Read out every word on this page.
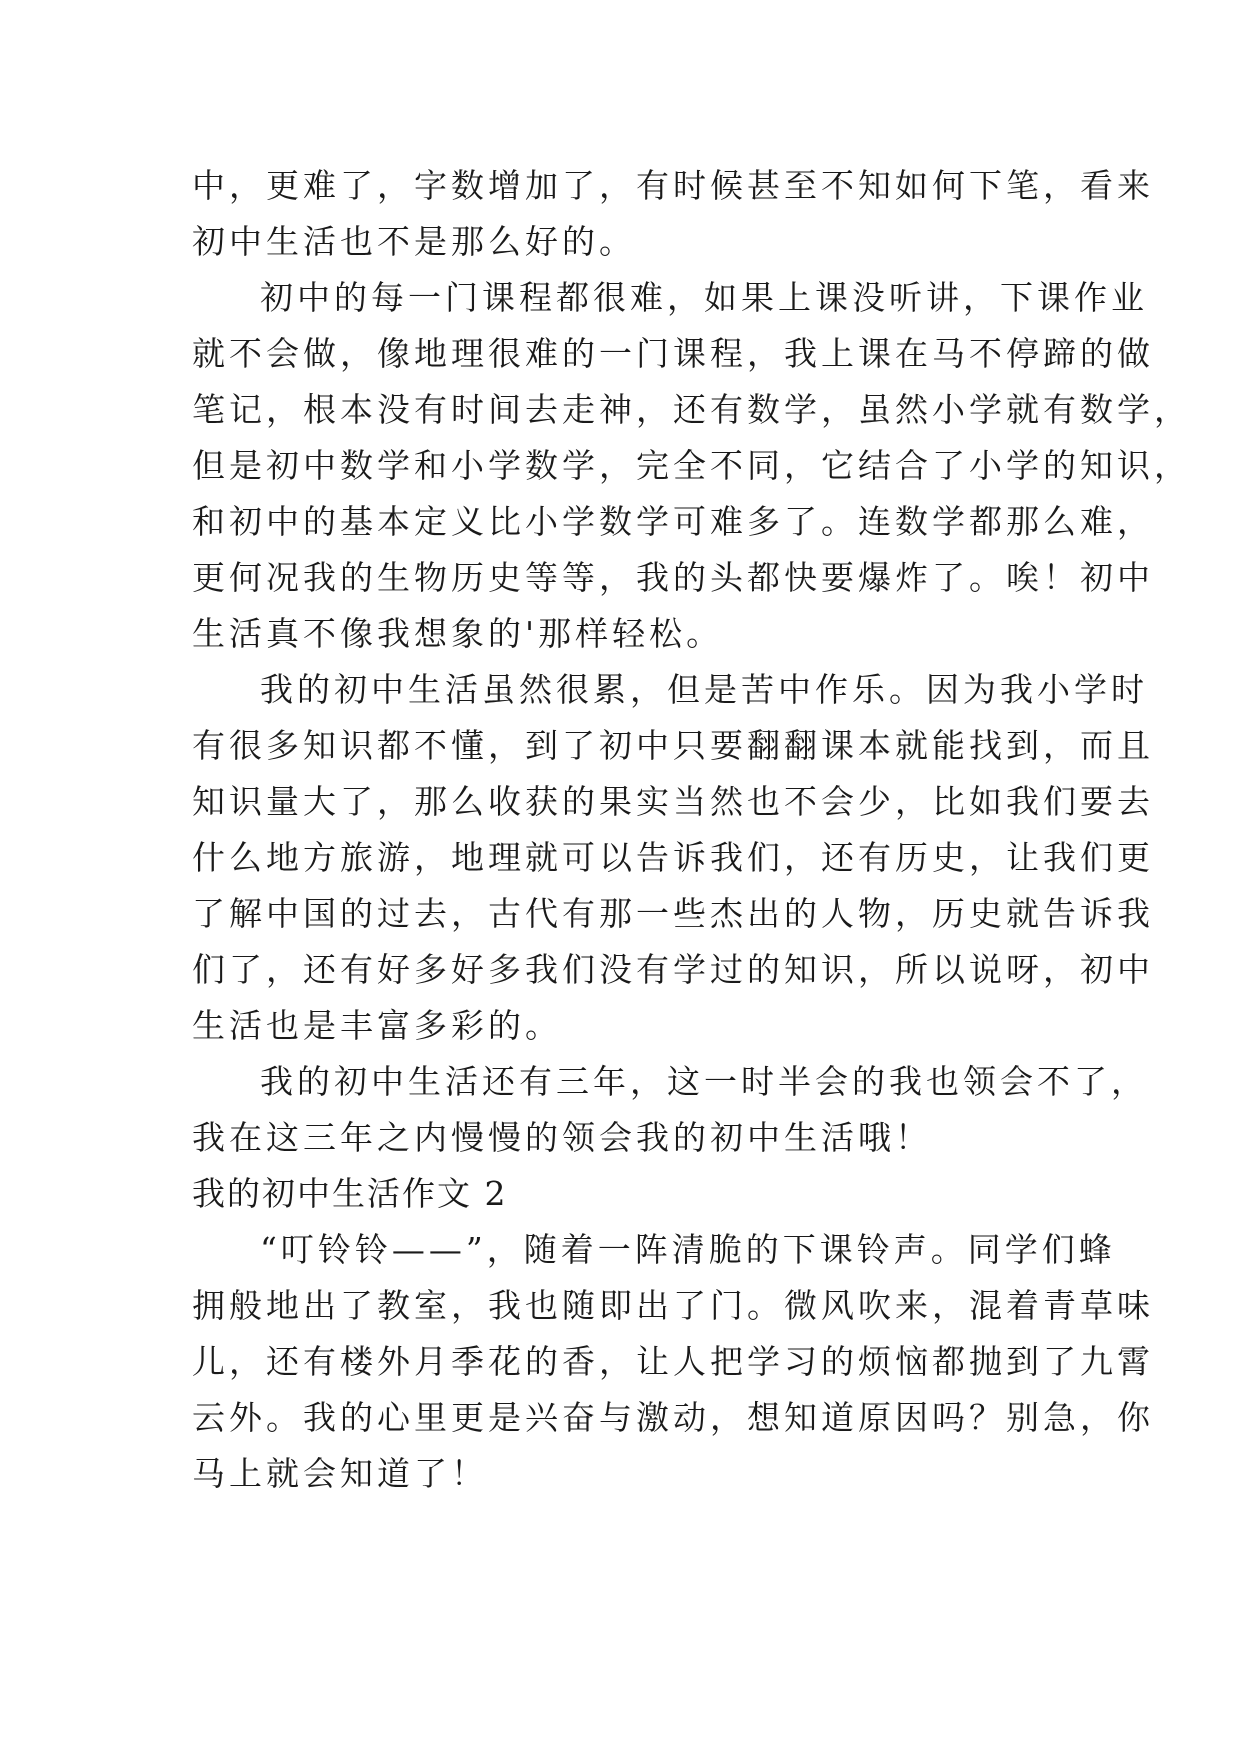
中，更难了，字数增加了，有时候甚至不知如何下笔，看来
初中生活也不是那么好的。
初中的每一门课程都很难，如果上课没听讲，下课作业
就不会做，像地理很难的一门课程，我上课在马不停蹄的做
笔记，根本没有时间去走神，还有数学，虽然小学就有数学，
但是初中数学和小学数学，完全不同，它结合了小学的知识，
和初中的基本定义比小学数学可难多了。连数学都那么难，
更何况我的生物历史等等，我的头都快要爆炸了。唉！初中
生活真不像我想象的'那样轻松。
我的初中生活虽然很累，但是苦中作乐。因为我小学时
有很多知识都不懂，到了初中只要翻翻课本就能找到，而且
知识量大了，那么收获的果实当然也不会少，比如我们要去
什么地方旅游，地理就可以告诉我们，还有历史，让我们更
了解中国的过去，古代有那一些杰出的人物，历史就告诉我
们了，还有好多好多我们没有学过的知识，所以说呀，初中
生活也是丰富多彩的。
我的初中生活还有三年，这一时半会的我也领会不了，
我在这三年之内慢慢的领会我的初中生活哦！
我的初中生活作文 2
“叮铃铃——”，随着一阵清脆的下课铃声。同学们蜂
拥般地出了教室，我也随即出了门。微风吹来，混着青草味
儿，还有楼外月季花的香，让人把学习的烦恼都抛到了九霄
云外。我的心里更是兴奋与激动，想知道原因吗？别急，你
马上就会知道了！
